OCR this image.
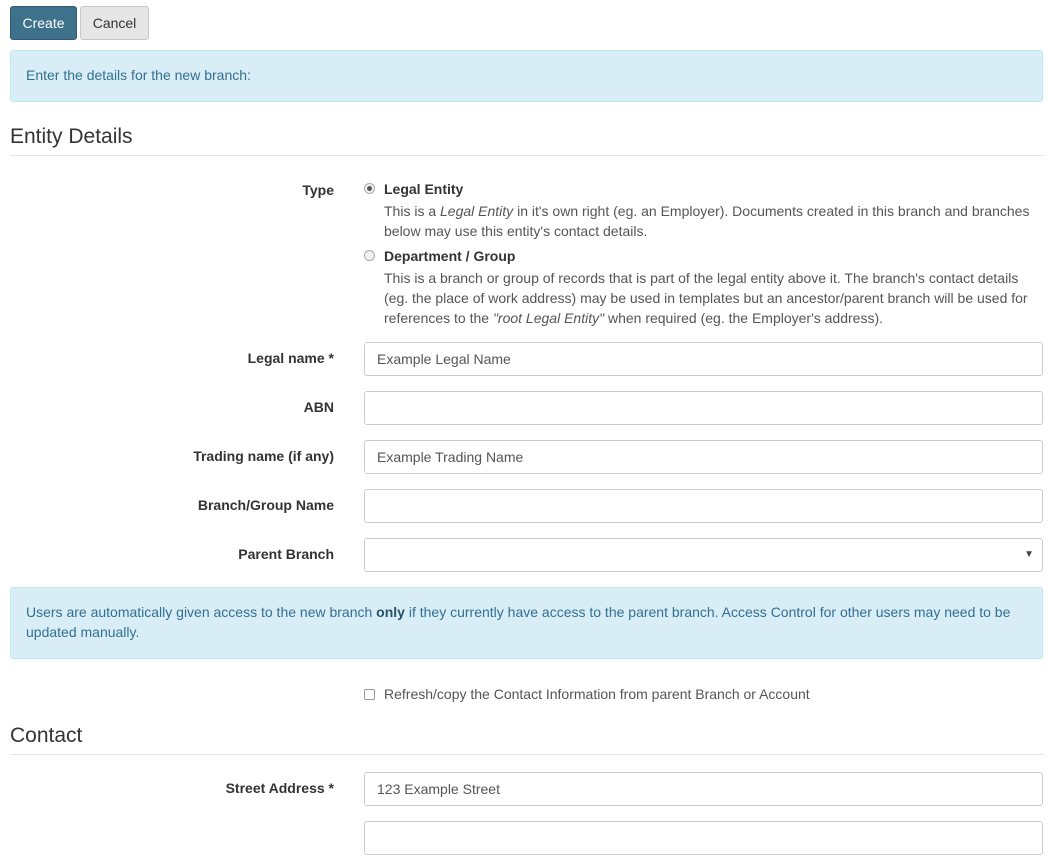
Create	Cancel
Enter the details for the new branch:
Entity Details
Type	Legal Entity
This is a Legal Entity in it's own right (eg. an Employer). Documents created in this branch and branches below may use this entity's contact details.
Department / Group
This is a branch or group of records that is part of the legal entity above it. The branch's contact details (eg. the place of work address) may be used in templates but an ancestor/parent branch will be used for references to the "root Legal Entity" when required (eg. the Employer's address).
Legal name *	Example Legal Name
ABN
Trading name (if any)	Example Trading Name
Branch/Group Name
Parent Branch	▼
Users are automatically given access to the new branch only if they currently have access to the parent branch. Access Control for other users may need to be updated manually.
Refresh/copy the Contact Information from parent Branch or Account
Contact
Street Address *	123 Example Street
